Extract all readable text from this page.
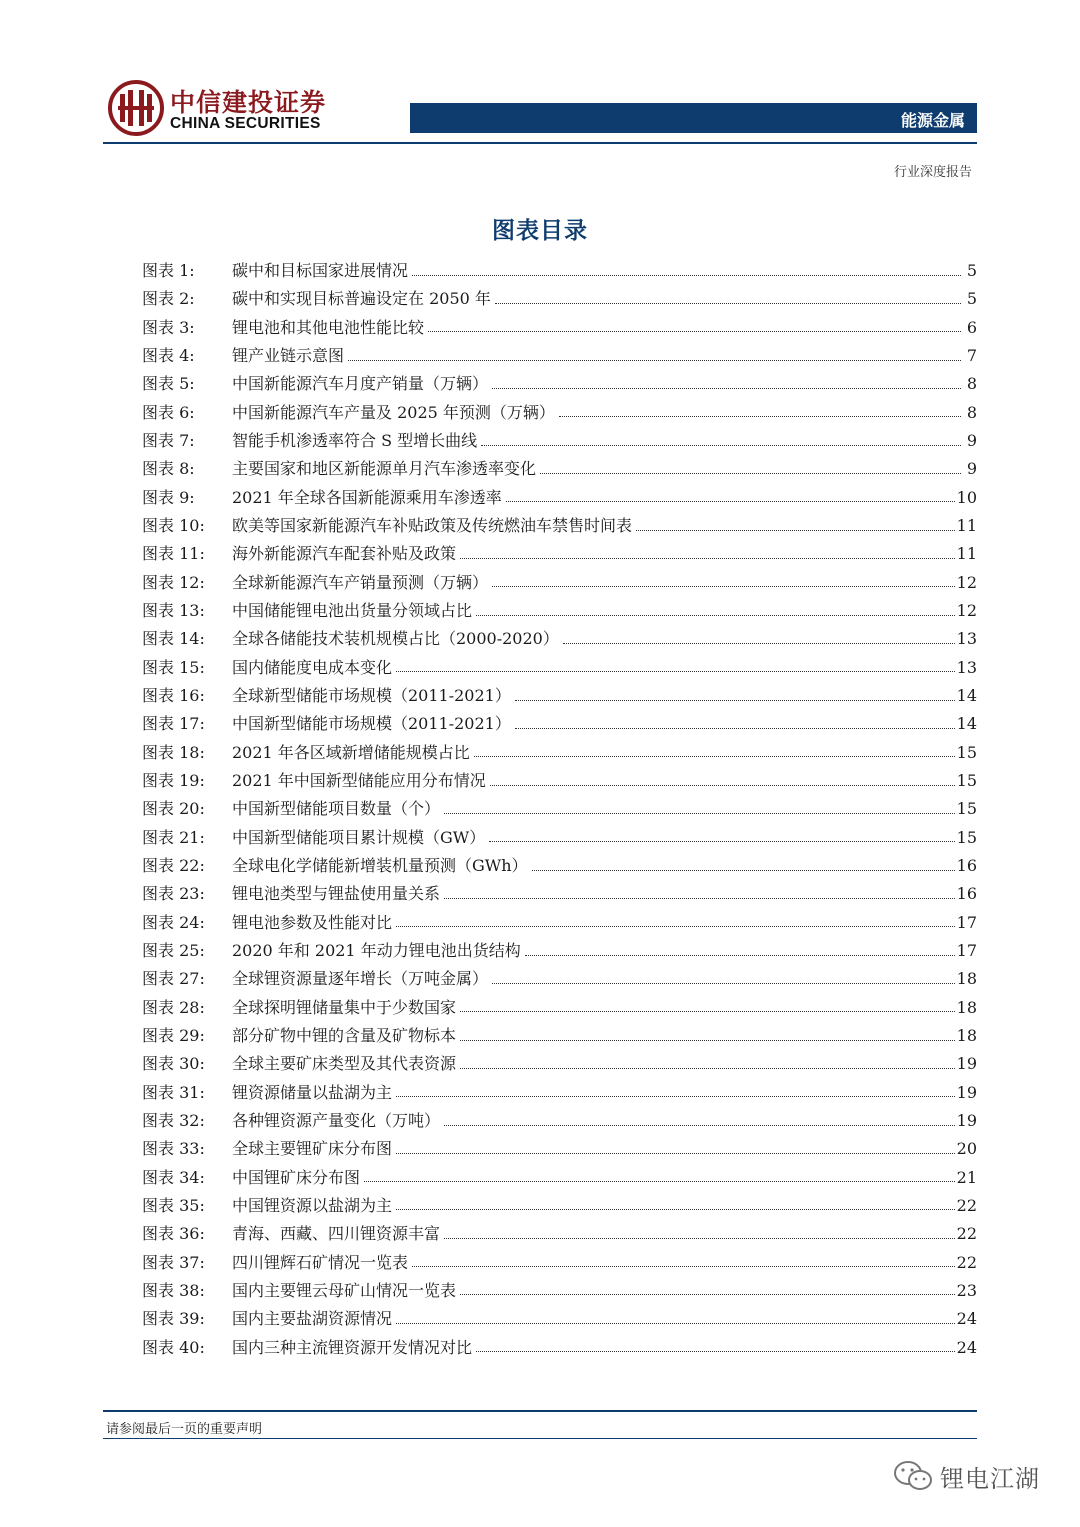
中信建投证券
CHINA SECURITIES	能源金属
行业深度报告
图表目录
图表 1:	碳中和目标国家进展情况	5
图表 2:	碳中和实现目标普遍设定在 2050 年	5
图表 3:	锂电池和其他电池性能比较	6
图表 4:	锂产业链示意图	7
图表 5:	中国新能源汽车月度产销量（万辆）	8
图表 6:	中国新能源汽车产量及 2025 年预测（万辆）	8
图表 7:	智能手机渗透率符合 S 型增长曲线	9
图表 8:	主要国家和地区新能源单月汽车渗透率变化	9
图表 9:	2021 年全球各国新能源乘用车渗透率	10
图表 10:	欧美等国家新能源汽车补贴政策及传统燃油车禁售时间表	11
图表 11:	海外新能源汽车配套补贴及政策	11
图表 12:	全球新能源汽车产销量预测（万辆）	12
图表 13:	中国储能锂电池出货量分领域占比	12
图表 14:	全球各储能技术装机规模占比（2000-2020）	13
图表 15:	国内储能度电成本变化	13
图表 16:	全球新型储能市场规模（2011-2021）	14
图表 17:	中国新型储能市场规模（2011-2021）	14
图表 18:	2021 年各区域新增储能规模占比	15
图表 19:	2021 年中国新型储能应用分布情况	15
图表 20:	中国新型储能项目数量（个）	15
图表 21:	中国新型储能项目累计规模（GW）	15
图表 22:	全球电化学储能新增装机量预测（GWh）	16
图表 23:	锂电池类型与锂盐使用量关系	16
图表 24:	锂电池参数及性能对比	17
图表 25:	2020 年和 2021 年动力锂电池出货结构	17
图表 27:	全球锂资源量逐年增长（万吨金属）	18
图表 28:	全球探明锂储量集中于少数国家	18
图表 29:	部分矿物中锂的含量及矿物标本	18
图表 30:	全球主要矿床类型及其代表资源	19
图表 31:	锂资源储量以盐湖为主	19
图表 32:	各种锂资源产量变化（万吨）	19
图表 33:	全球主要锂矿床分布图	20
图表 34:	中国锂矿床分布图	21
图表 35:	中国锂资源以盐湖为主	22
图表 36:	青海、西藏、四川锂资源丰富	22
图表 37:	四川锂辉石矿情况一览表	22
图表 38:	国内主要锂云母矿山情况一览表	23
图表 39:	国内主要盐湖资源情况	24
图表 40:	国内三种主流锂资源开发情况对比	24
请参阅最后一页的重要声明
锂电江湖
